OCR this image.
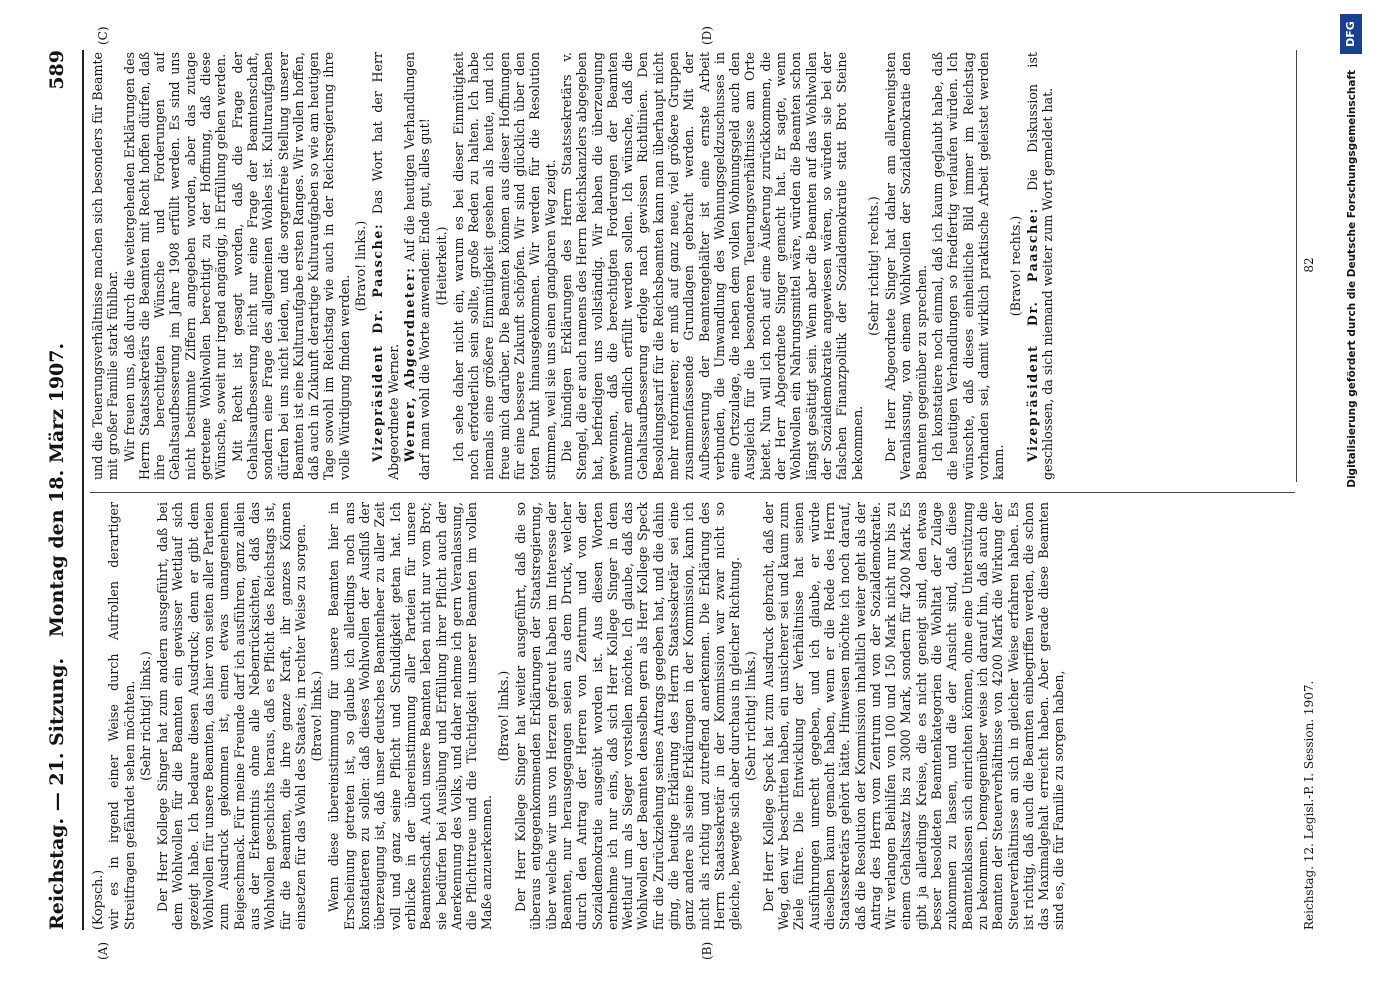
Reichstag. — 21. Sitzung.
Montag den 18. März 1907.
589
(A)	(B)
(C)	(D)

(Kopsch.) wir es in irgend einer Weise durch Aufrollen derartiger Streitfragen gefährdet sehen möchten. (Sehr richtig! links.) Der Herr Kollege Singer hat zum andern ausgeführt, daß bei dem Wohlwollen für die Beamten ein gewisser Wettlauf sich gezeigt habe. Ich bedaure diesen Ausdruck; denn er gibt dem Wohlwollen für unsere Beamten, das hier von seiten aller Parteien zum Ausdruck gekommen ist, einen etwas unangenehmen Beigeschmack. Für meine Freunde darf ich ausführen, ganz allein aus der Erkenntnis ohne alle Nebenrücksichten, daß das Wohlwollen geschichts heraus, daß es Pflicht des Reichstags ist, für die Beamten, die ihre ganze Kraft, ihr ganzes Können einsetzen für das Wohl des Staates, in rechter Weise zu sorgen. (Bravo! links.) Wenn diese übereinstimmung für unsere Beamten hier in Erscheinung getreten ist, so glaube ich allerdings noch ans konstatieren zu sollen: daß dieses Wohlwollen der Ausfluß der überzeugung ist, daß unser deutsches Beamtenheer zu aller Zeit voll und ganz seine Pflicht und Schuldigkeit getan hat. Ich erblicke in der übereinstimmung aller Parteien für unsere Beamtenschaft. Auch unsere Beamten leben nicht nur vom Brot; sie bedürfen bei Ausübung und Erfüllung ihrer Pflicht auch der Anerkennung des Volks, und daher nehme ich gern Veranlassung, die Pflichttreue und die Tüchtigkeit unserer Beamten im vollen Maße anzuerkennen.

(Bravo! links.) Der Herr Kollege Singer hat weiter ausgeführt, daß die so überaus entgegenkommenden Erklärungen der Staatsregierung, über welche wir uns von Herzen gefreut haben im Interesse der Beamten, nur herausgegangen seien aus dem Druck, welcher durch den Antrag der Herren von Zentrum und von der Sozialdemokratie ausgeübt worden ist. Aus diesen Worten entnehme ich nur eins, daß sich Herr Kollege Singer in dem Wettlauf um als Sieger vorstellen möchte. Ich glaube, daß das Wohlwollen der Beamten denselben gern als Herr Kollege Speck für die Zurückziehung seines Antrags gegeben hat, und die dahin ging, die heutige Erklärung des Herrn Staatssekretär sei eine ganz andere als seine Erklärungen in der Kommission, kann ich nicht als richtig und zutreffend anerkennen. Die Erklärung des Herrn Staatssekretär in der Kommission war zwar nicht so gleiche, bewegte sich aber durchaus in gleicher Richtung. (Sehr richtig! links.) Der Herr Kollege Speck hat zum Ausdruck gebracht, daß der Weg, den wir beschritten haben, ein unsicherer sei und kaum zum Ziele führe. Die Entwicklung der Verhältnisse hat seinen Ausführungen unrecht gegeben, und ich glaube, er würde dieselben kaum gemacht haben, wenn er die Rede des Herrn Staatssekretärs gehört hätte. Hinweisen möchte ich noch darauf, daß die Resolution der Kommission inhaltlich weiter geht als der Antrag des Herrn vom Zentrum und von der Sozialdemokratie. Wir verlangen Beihilfen von 100 und 150 Mark nicht nur bis zu einem Gehaltssatz bis zu 3000 Mark, sondern für 4200 Mark. Es gibt ja allerdings Kreise, die es nicht geneigt sind, den etwas besser besoldeten Beamtenkategorien die Wohltat der Zulage zukommen zu lassen, und die der Ansicht sind, daß diese Beamtenklassen sich einrichten können, ohne eine Unterstützung zu bekommen. Demgegenüber weise ich darauf hin, daß auch die Beamten der Steuerverhältnisse von 4200 Mark die Wirkung der Steuerverhältnisse an sich in gleicher Weise erfahren haben. Es ist richtig, daß auch die Beamten einbegriffen werden, die schon das Maximalgehalt erreicht haben. Aber gerade diese Beamten sind es, die für Familie zu sorgen haben,

und die Teuerungsverhältnisse machen sich besonders für Beamte mit großer Familie stark fühlbar. Wir freuen uns, daß durch die weitergehenden Erklärungen des Herrn Staatssekretärs die Beamten mit Recht hoffen dürfen, daß ihre berechtigten Wünsche und Forderungen auf Gehaltsaufbesserung im Jahre 1908 erfüllt werden. Es sind uns nicht bestimmte Ziffern angegeben worden, aber das zutage getretene Wohlwollen berechtigt zu der Hoffnung, daß diese Wünsche, soweit nur irgend angängig, in Erfüllung gehen werden. Mit Recht ist gesagt worden, daß die Frage der Gehaltsaufbesserung nicht nur eine Frage der Beamtenschaft, sondern eine Frage des allgemeinen Wohles ist. Kulturaufgaben dürfen bei uns nicht leiden, und die sorgenfreie Stellung unserer Beamten ist eine Kulturaufgabe ersten Ranges. Wir wollen hoffen, daß auch in Zukunft derartige Kulturaufgaben so wie am heutigen Tage sowohl im Reichstag wie auch in der Reichsregierung ihre volle Würdigung finden werden.

(Bravo! links.) Vizepräsident Dr. Paasche: Das Wort hat der Herr Abgeordnete Werner. Werner, Abgeordneter: Auf die heutigen Verhandlungen darf man wohl die Worte anwenden: Ende gut, alles gut! (Heiterkeit.) Ich sehe daher nicht ein, warum es bei dieser Einmütigkeit noch erforderlich sein sollte, große Reden zu halten. Ich habe niemals eine größere Einmütigkeit gesehen als heute, und ich freue mich darüber. Die Beamten können aus dieser Hoffnungen für eine bessere Zukunft schöpfen. Wir sind glücklich über den toten Punkt hinausgekommen. Wir werden für die Resolution stimmen, weil sie uns einen gangbaren Weg zeigt. Die bündigen Erklärungen des Herrn Staatssekretärs v. Stengel, die er auch namens des Herrn Reichskanzlers abgegeben hat, befriedigen uns vollständig. Wir haben die überzeugung gewonnen, daß die berechtigten Forderungen der Beamten nunmehr endlich erfüllt werden sollen. Ich wünsche, daß die Gehaltsaufbesserung erfolge nach gewissen Richtlinien. Den Besoldungstarif für die Reichsbeamten kann man überhaupt nicht mehr reformieren; er muß auf ganz neue, viel größere Gruppen zusammenfassende Grundlagen gebracht werden. Mit der Aufbesserung der Beamtengehälter ist eine ernste Arbeit verbunden, die Umwandlung des Wohnungsgeldzuschusses in eine Ortszulage, die neben dem vollen Wohnungsgeld auch den Ausgleich für die besonderen Teuerungsverhältnisse am Orte bietet. Nun will ich noch auf eine Äußerung zurückkommen, die der Herr Abgeordnete Singer gemacht hat. Er sagte, wenn Wohlwollen ein Nahrungsmittel wäre, würden die Beamten schon längst gesättigt sein. Wenn aber die Beamten auf das Wohlwollen der Sozialdemokratie angewiesen wären, so würden sie bei der falschen Finanzpolitik der Sozialdemokratie statt Brot Steine bekommen.

(Sehr richtig! rechts.) Der Herr Abgeordnete Singer hat daher am allerwenigsten Veranlassung, von einem Wohlwollen der Sozialdemokratie den Beamten gegenüber zu sprechen. Ich konstatiere noch einmal, daß ich kaum geglaubt habe, daß die heutigen Verhandlungen so friedfertig verlaufen würden. Ich wünschte, daß dieses einheitliche Bild immer im Reichstag vorhanden sei, damit wirklich praktische Arbeit geleistet werden kann.

(Bravo! rechts.) Vizepräsident Dr. Paasche: Die Diskussion ist geschlossen, da sich niemand weiter zum Wort gemeldet hat.

Reichstag. 12. Legisl.-P. I. Session. 1907.
82	Digitalisierung gefördert durch die Deutsche Forschungsgemeinschaft
DFG
